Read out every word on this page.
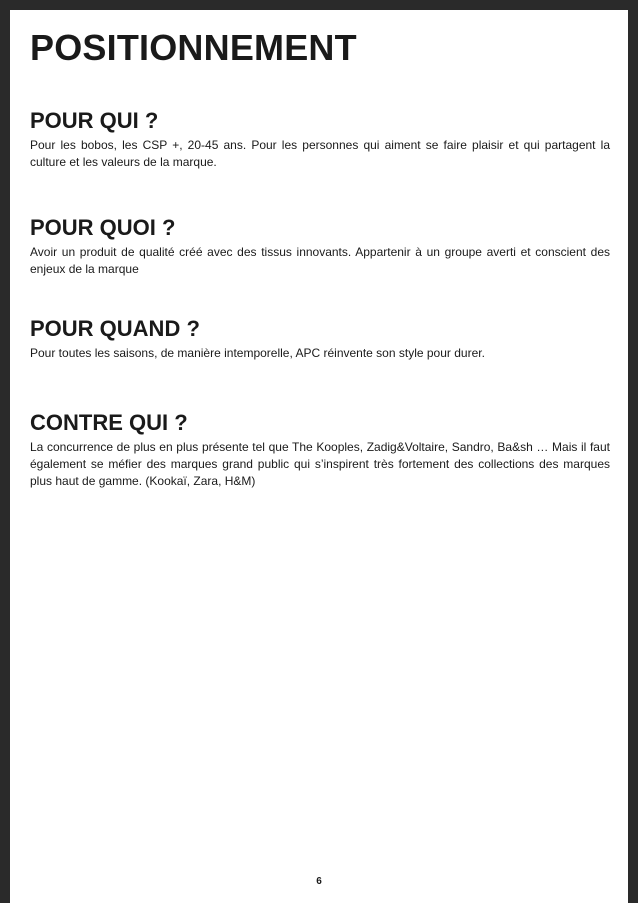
POSITIONNEMENT
POUR QUI ?

Pour les bobos, les CSP +, 20-45 ans. Pour les personnes qui aiment se faire plaisir et qui partagent la culture et les valeurs de la marque.

POUR QUOI ?

Avoir un produit de qualité créé avec des tissus innovants. Appartenir à un groupe averti et conscient des enjeux de la marque

POUR QUAND ?

Pour toutes les saisons, de manière intemporelle, APC réinvente son style pour durer.

CONTRE QUI ?

La concurrence de plus en plus présente tel que The Kooples, Zadig&Voltaire, Sandro, Ba&sh … Mais il faut également se méfier des marques grand public qui s’inspirent très fortement des collections des marques plus haut de gamme. (Kookaï, Zara, H&M)

6
